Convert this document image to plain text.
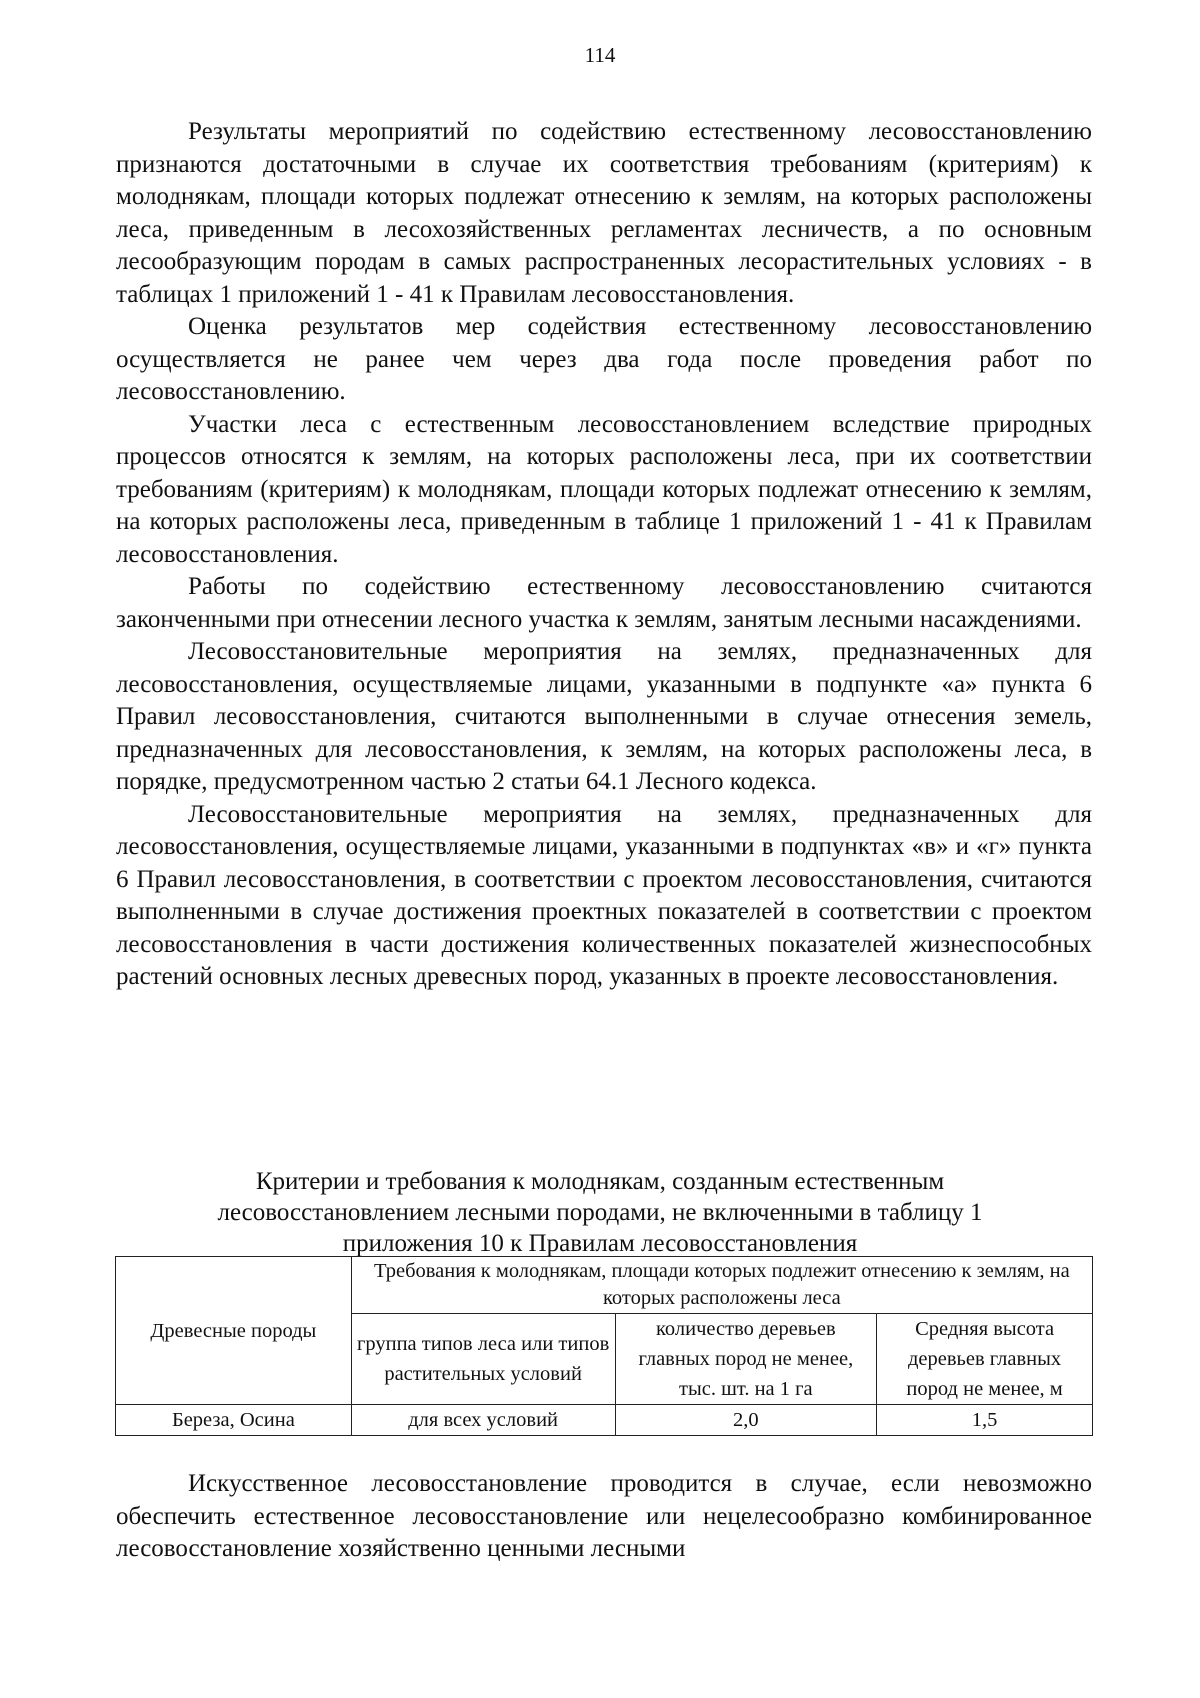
114

Результаты мероприятий по содействию естественному лесовосстановлению признаются достаточными в случае их соответствия требованиям (критериям) к молоднякам, площади которых подлежат отнесению к землям, на которых расположены леса, приведенным в лесохозяйственных регламентах лесничеств, а по основным лесообразующим породам в самых распространенных лесорастительных условиях - в таблицах 1 приложений 1 - 41 к Правилам лесовосстановления.

Оценка результатов мер содействия естественному лесовосстановлению осуществляется не ранее чем через два года после проведения работ по лесовосстановлению.

Участки леса с естественным лесовосстановлением вследствие природных процессов относятся к землям, на которых расположены леса, при их соответствии требованиям (критериям) к молоднякам, площади которых подлежат отнесению к землям, на которых расположены леса, приведенным в таблице 1 приложений 1 - 41 к Правилам лесовосстановления.

Работы по содействию естественному лесовосстановлению считаются законченными при отнесении лесного участка к землям, занятым лесными насаждениями.

Лесовосстановительные мероприятия на землях, предназначенных для лесовосстановления, осуществляемые лицами, указанными в подпункте «а» пункта 6 Правил лесовосстановления, считаются выполненными в случае отнесения земель, предназначенных для лесовосстановления, к землям, на которых расположены леса, в порядке, предусмотренном частью 2 статьи 64.1 Лесного кодекса.

Лесовосстановительные мероприятия на землях, предназначенных для лесовосстановления, осуществляемые лицами, указанными в подпунктах «в» и «г» пункта 6 Правил лесовосстановления, в соответствии с проектом лесовосстановления, считаются выполненными в случае достижения проектных показателей в соответствии с проектом лесовосстановления в части достижения количественных показателей жизнеспособных растений основных лесных древесных пород, указанных в проекте лесовосстановления.

Критерии и требования к молоднякам, созданным естественным
лесовосстановлением лесными породами, не включенными в таблицу 1
приложения 10 к Правилам лесовосстановления
Древесные породы	Требования к молоднякам, площади которых подлежит отнесению к землям, на которых расположены леса		
	группа типов леса или типов растительных условий	количество деревьев главных пород не менее, тыс. шт. на 1 га	Средняя высота деревьев главных пород не менее, м
Береза, Осина	для всех условий	2,0	1,5

Искусственное лесовосстановление проводится в случае, если невозможно обеспечить естественное лесовосстановление или нецелесообразно комбинированное лесовосстановление хозяйственно ценными лесными
